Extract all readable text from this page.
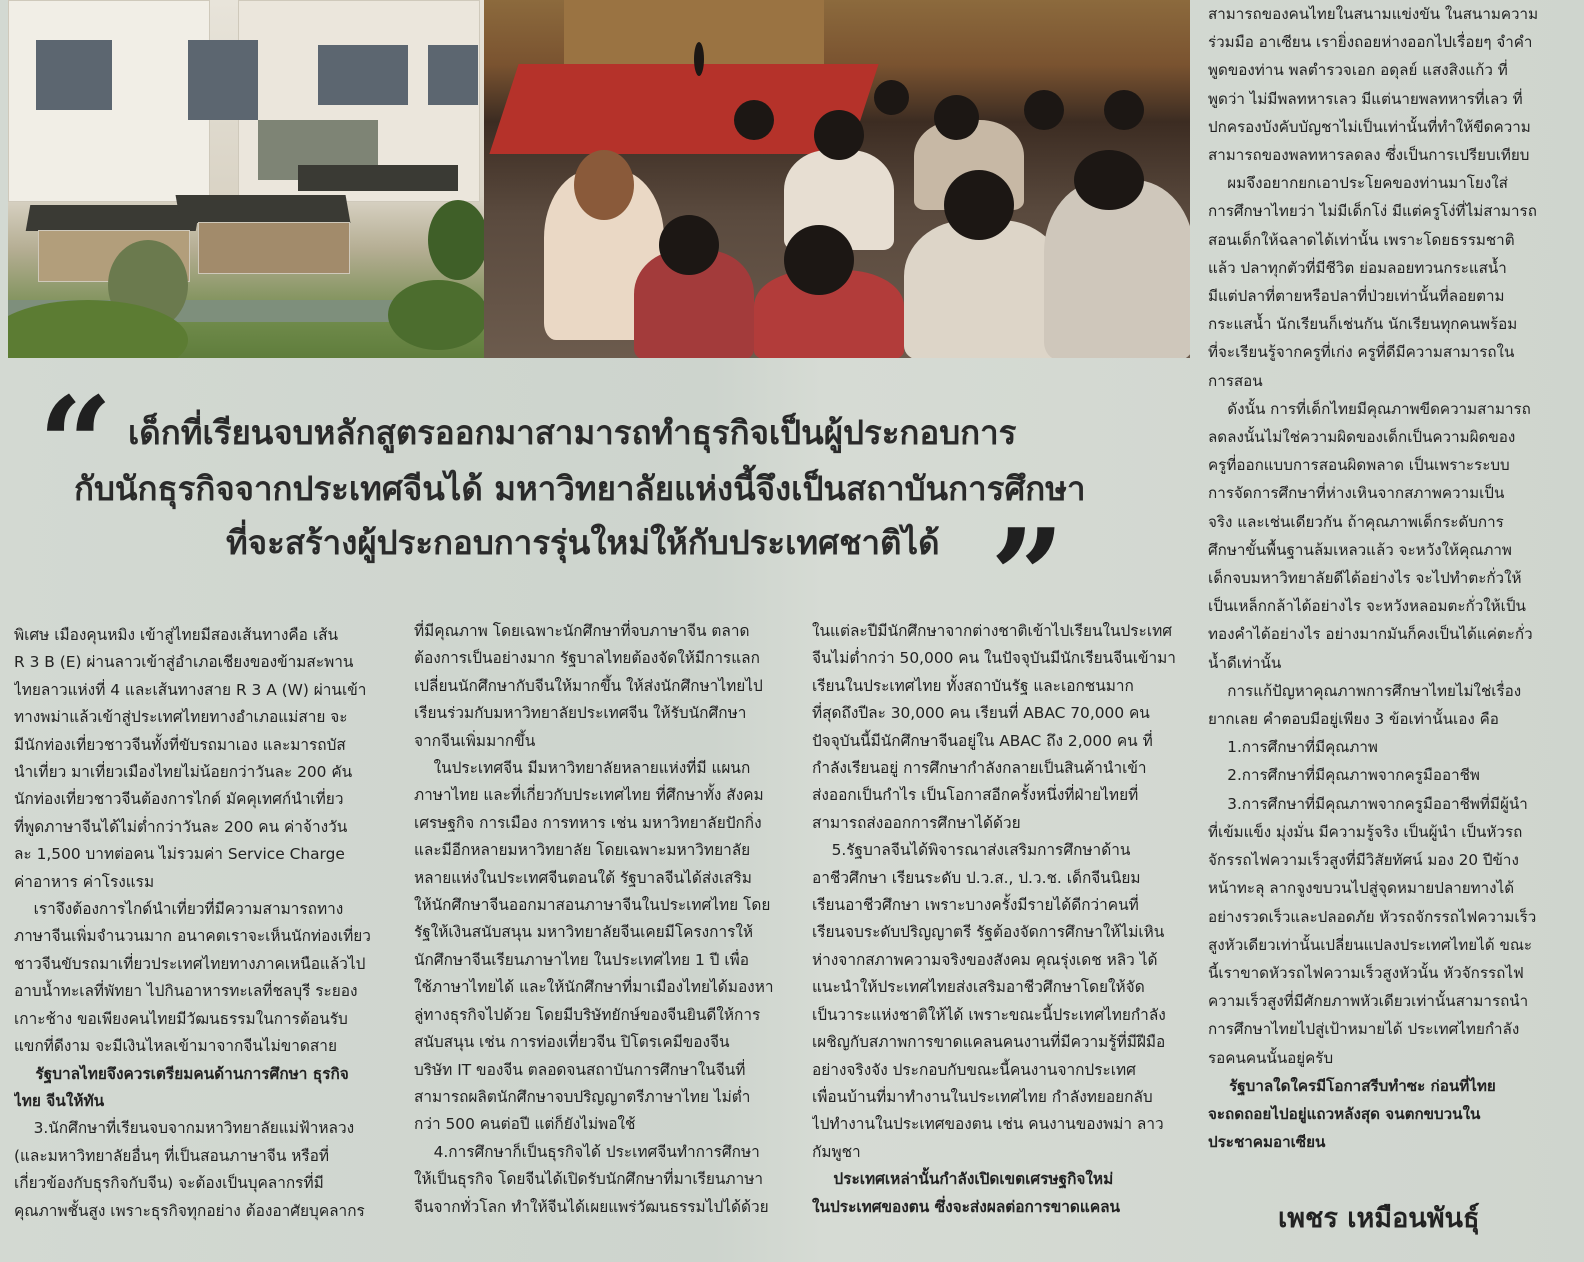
“ เด็กที่เรียนจบหลักสูตรออกมาสามารถทำธุรกิจเป็นผู้ประกอบการ
กับนักธุรกิจจากประเทศจีนได้ มหาวิทยาลัยแห่งนี้จึงเป็นสถาบันการศึกษา
ที่จะสร้างผู้ประกอบการรุ่นใหม่ให้กับประเทศชาติได้ ”

พิเศษ เมืองคุนหมิง เข้าสู่ไทยมีสองเส้นทางคือ เส้น

R 3 B (E) ผ่านลาวเข้าสู่อำเภอเชียงของข้ามสะพาน

ไทยลาวแห่งที่ 4 และเส้นทางสาย R 3 A (W) ผ่านเข้า

ทางพม่าแล้วเข้าสู่ประเทศไทยทางอำเภอแม่สาย จะ

มีนักท่องเที่ยวชาวจีนทั้งที่ขับรถมาเอง และมารถบัส

นำเที่ยว มาเที่ยวเมืองไทยไม่น้อยกว่าวันละ 200 คัน

นักท่องเที่ยวชาวจีนต้องการไกด์ มัคคุเทศก์นำเที่ยว

ที่พูดภาษาจีนได้ไม่ต่ำกว่าวันละ 200 คน ค่าจ้างวัน

ละ 1,500 บาทต่อคน ไม่รวมค่า Service Charge

ค่าอาหาร ค่าโรงแรม

เราจึงต้องการไกด์นำเที่ยวที่มีความสามารถทาง

ภาษาจีนเพิ่มจำนวนมาก อนาคตเราจะเห็นนักท่องเที่ยว

ชาวจีนขับรถมาเที่ยวประเทศไทยทางภาคเหนือแล้วไป

อาบน้ำทะเลที่พัทยา ไปกินอาหารทะเลที่ชลบุรี ระยอง

เกาะช้าง ขอเพียงคนไทยมีวัฒนธรรมในการต้อนรับ

แขกที่ดีงาม จะมีเงินไหลเข้ามาจากจีนไม่ขาดสาย

รัฐบาลไทยจึงควรเตรียมคนด้านการศึกษา ธุรกิจ

ไทย จีนให้ทัน

3.นักศึกษาที่เรียนจบจากมหาวิทยาลัยแม่ฟ้าหลวง

(และมหาวิทยาลัยอื่นๆ ที่เป็นสอนภาษาจีน หรือที่

เกี่ยวข้องกับธุรกิจกับจีน) จะต้องเป็นบุคลากรที่มี

คุณภาพชั้นสูง เพราะธุรกิจทุกอย่าง ต้องอาศัยบุคลากร

ที่มีคุณภาพ โดยเฉพาะนักศึกษาที่จบภาษาจีน ตลาด

ต้องการเป็นอย่างมาก รัฐบาลไทยต้องจัดให้มีการแลก

เปลี่ยนนักศึกษากับจีนให้มากขึ้น ให้ส่งนักศึกษาไทยไป

เรียนร่วมกับมหาวิทยาลัยประเทศจีน ให้รับนักศึกษา

จากจีนเพิ่มมากขึ้น

ในประเทศจีน มีมหาวิทยาลัยหลายแห่งที่มี แผนก

ภาษาไทย และที่เกี่ยวกับประเทศไทย ที่ศึกษาทั้ง สังคม

เศรษฐกิจ การเมือง การทหาร เช่น มหาวิทยาลัยปักกิ่ง

และมีอีกหลายมหาวิทยาลัย โดยเฉพาะมหาวิทยาลัย

หลายแห่งในประเทศจีนตอนใต้ รัฐบาลจีนได้ส่งเสริม

ให้นักศึกษาจีนออกมาสอนภาษาจีนในประเทศไทย โดย

รัฐให้เงินสนับสนุน มหาวิทยาลัยจีนเคยมีโครงการให้

นักศึกษาจีนเรียนภาษาไทย ในประเทศไทย 1 ปี เพื่อ

ใช้ภาษาไทยได้ และให้นักศึกษาที่มาเมืองไทยได้มองหา

ลู่ทางธุรกิจไปด้วย โดยมีบริษัทยักษ์ของจีนยินดีให้การ

สนับสนุน เช่น การท่องเที่ยวจีน ปิโตรเคมีของจีน

บริษัท IT ของจีน ตลอดจนสถาบันการศึกษาในจีนที่

สามารถผลิตนักศึกษาจบปริญญาตรีภาษาไทย ไม่ต่ำ

กว่า 500 คนต่อปี แต่ก็ยังไม่พอใช้

4.การศึกษาก็เป็นธุรกิจได้ ประเทศจีนทำการศึกษา

ให้เป็นธุรกิจ โดยจีนได้เปิดรับนักศึกษาที่มาเรียนภาษา

จีนจากทั่วโลก ทำให้จีนได้เผยแพร่วัฒนธรรมไปได้ด้วย

ในแต่ละปีมีนักศึกษาจากต่างชาติเข้าไปเรียนในประเทศ

จีนไม่ต่ำกว่า 50,000 คน ในปัจจุบันมีนักเรียนจีนเข้ามา

เรียนในประเทศไทย ทั้งสถาบันรัฐ และเอกชนมาก

ที่สุดถึงปีละ 30,000 คน เรียนที่ ABAC 70,000 คน

ปัจจุบันนี้มีนักศึกษาจีนอยู่ใน ABAC ถึง 2,000 คน ที่

กำลังเรียนอยู่ การศึกษากำลังกลายเป็นสินค้านำเข้า

ส่งออกเป็นกำไร เป็นโอกาสอีกครั้งหนึ่งที่ฝ่ายไทยที่

สามารถส่งออกการศึกษาได้ด้วย

5.รัฐบาลจีนได้พิจารณาส่งเสริมการศึกษาด้าน

อาชีวศึกษา เรียนระดับ ป.ว.ส., ป.ว.ช. เด็กจีนนิยม

เรียนอาชีวศึกษา เพราะบางครั้งมีรายได้ดีกว่าคนที่

เรียนจบระดับปริญญาตรี รัฐต้องจัดการศึกษาให้ไม่เหิน

ห่างจากสภาพความจริงของสังคม คุณรุ่งเดช หลิว ได้

แนะนำให้ประเทศไทยส่งเสริมอาชีวศึกษาโดยให้จัด

เป็นวาระแห่งชาติให้ได้ เพราะขณะนี้ประเทศไทยกำลัง

เผชิญกับสภาพการขาดแคลนคนงานที่มีความรู้ที่มีฝีมือ

อย่างจริงจัง ประกอบกับขณะนี้คนงานจากประเทศ

เพื่อนบ้านที่มาทำงานในประเทศไทย กำลังทยอยกลับ

ไปทำงานในประเทศของตน เช่น คนงานของพม่า ลาว

กัมพูชา

ประเทศเหล่านั้นกำลังเปิดเขตเศรษฐกิจใหม่

ในประเทศของตน ซึ่งจะส่งผลต่อการขาดแคลน

สามารถของคนไทยในสนามแข่งขัน ในสนามความ

ร่วมมือ อาเซียน เรายิ่งถอยห่างออกไปเรื่อยๆ จำคำ

พูดของท่าน พลตำรวจเอก อดุลย์ แสงสิงแก้ว ที่

พูดว่า ไม่มีพลทหารเลว มีแต่นายพลทหารที่เลว ที่

ปกครองบังคับบัญชาไม่เป็นเท่านั้นที่ทำให้ขีดความ

สามารถของพลทหารลดลง ซึ่งเป็นการเปรียบเทียบ

ผมจึงอยากยกเอาประโยคของท่านมาโยงใส่

การศึกษาไทยว่า ไม่มีเด็กโง่ มีแต่ครูโง่ที่ไม่สามารถ

สอนเด็กให้ฉลาดได้เท่านั้น เพราะโดยธรรมชาติ

แล้ว ปลาทุกตัวที่มีชีวิต ย่อมลอยทวนกระแสน้ำ

มีแต่ปลาที่ตายหรือปลาที่ป่วยเท่านั้นที่ลอยตาม

กระแสน้ำ นักเรียนก็เช่นกัน นักเรียนทุกคนพร้อม

ที่จะเรียนรู้จากครูที่เก่ง ครูที่ดีมีความสามารถใน

การสอน

ดังนั้น การที่เด็กไทยมีคุณภาพขีดความสามารถ

ลดลงนั้นไม่ใช่ความผิดของเด็กเป็นความผิดของ

ครูที่ออกแบบการสอนผิดพลาด เป็นเพราะระบบ

การจัดการศึกษาที่ห่างเหินจากสภาพความเป็น

จริง และเช่นเดียวกัน ถ้าคุณภาพเด็กระดับการ

ศึกษาขั้นพื้นฐานล้มเหลวแล้ว จะหวังให้คุณภาพ

เด็กจบมหาวิทยาลัยดีได้อย่างไร จะไปทำตะกั่วให้

เป็นเหล็กกล้าได้อย่างไร จะหวังหลอมตะกั่วให้เป็น

ทองคำได้อย่างไร อย่างมากมันก็คงเป็นได้แค่ตะกั่ว

น้ำดีเท่านั้น

การแก้ปัญหาคุณภาพการศึกษาไทยไม่ใช่เรื่อง

ยากเลย คำตอบมีอยู่เพียง 3 ข้อเท่านั้นเอง คือ

1.การศึกษาที่มีคุณภาพ

2.การศึกษาที่มีคุณภาพจากครูมืออาชีพ

3.การศึกษาที่มีคุณภาพจากครูมืออาชีพที่มีผู้นำ

ที่เข้มแข็ง มุ่งมั่น มีความรู้จริง เป็นผู้นำ เป็นหัวรถ

จักรรถไฟความเร็วสูงที่มีวิสัยทัศน์ มอง 20 ปีข้าง

หน้าทะลุ ลากจูงขบวนไปสู่จุดหมายปลายทางได้

อย่างรวดเร็วและปลอดภัย หัวรถจักรรถไฟความเร็ว

สูงหัวเดียวเท่านั้นเปลี่ยนแปลงประเทศไทยได้ ขณะ

นี้เราขาดหัวรถไฟความเร็วสูงหัวนั้น หัวจักรรถไฟ

ความเร็วสูงที่มีศักยภาพหัวเดียวเท่านั้นสามารถนำ

การศึกษาไทยไปสู่เป้าหมายได้ ประเทศไทยกำลัง

รอคนคนนั้นอยู่ครับ

รัฐบาลใดใครมีโอกาสรีบทำซะ ก่อนที่ไทย

จะถดถอยไปอยู่แถวหลังสุด จนตกขบวนใน

ประชาคมอาเซียน

เพชร เหมือนพันธุ์
